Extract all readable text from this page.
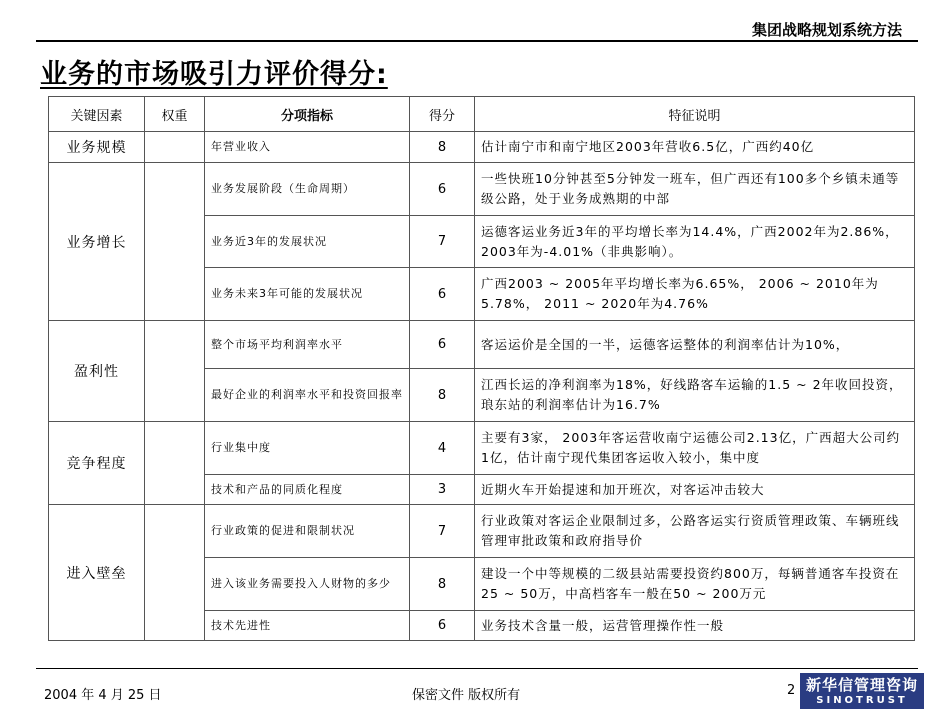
集团战略规划系统方法
业务的市场吸引力评价得分:
关键因素	权重	分项指标	得分	特征说明
业务规模		年营业收入	8	估计南宁市和南宁地区2003年营收6.5亿，广西约40亿
业务增长		业务发展阶段（生命周期）	6	一些快班10分钟甚至5分钟发一班车，但广西还有100多个乡镇未通等级公路，处于业务成熟期的中部
		业务近3年的发展状况	7	运德客运业务近3年的平均增长率为14.4%，广西2002年为2.86%， 2003年为-4.01%（非典影响）。
		业务未来3年可能的发展状况	6	广西2003 ~ 2005年平均增长率为6.65%， 2006 ~ 2010年为5.78%， 2011 ~ 2020年为4.76%
盈利性		整个市场平均利润率水平	6	客运运价是全国的一半，运德客运整体的利润率估计为10%，
		最好企业的利润率水平和投资回报率	8	江西长运的净利润率为18%，好线路客车运输的1.5 ~ 2年收回投资，琅东站的利润率估计为16.7%
竞争程度		行业集中度	4	主要有3家， 2003年客运营收南宁运德公司2.13亿，广西超大公司约1亿，估计南宁现代集团客运收入较小，集中度
		技术和产品的同质化程度	3	近期火车开始提速和加开班次，对客运冲击较大
进入壁垒		行业政策的促进和限制状况	7	行业政策对客运企业限制过多，公路客运实行资质管理政策、车辆班线管理审批政策和政府指导价
		进入该业务需要投入人财物的多少	8	建设一个中等规模的二级县站需要投资约800万，每辆普通客车投资在25 ~ 50万，中高档客车一般在50 ~ 200万元
		技术先进性	6	业务技术含量一般，运营管理操作性一般
2004 年 4 月 25 日	保密文件 版权所有	2 新华信管理咨询
SINOTRUST
